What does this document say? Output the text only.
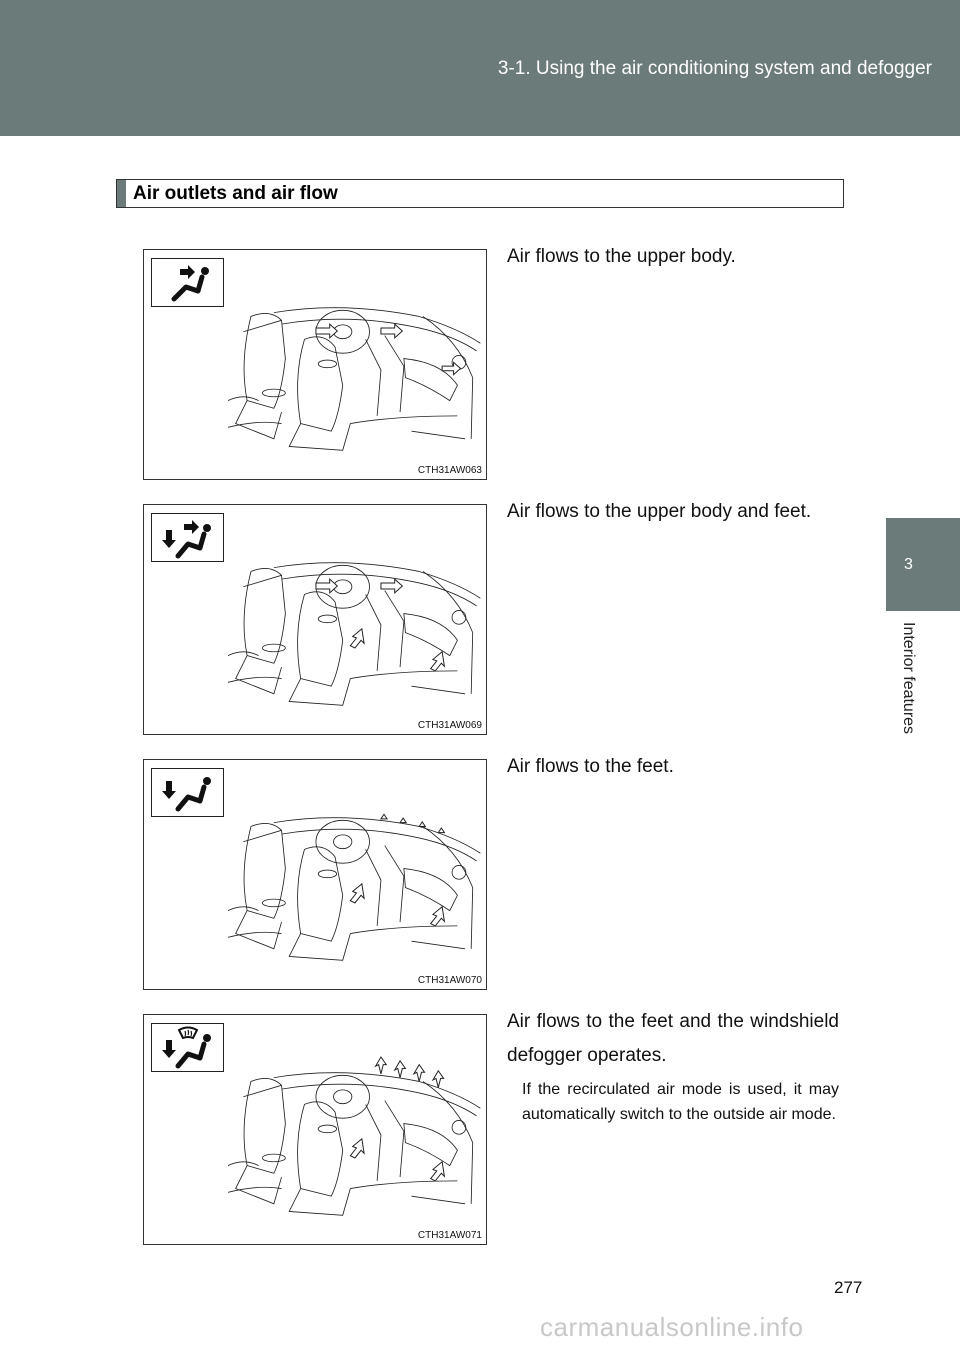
3-1. Using the air conditioning system and defogger
3
Interior features
Air outlets and air flow
CTH31AW063
Air flows to the upper body.
CTH31AW069
Air flows to the upper body and feet.
CTH31AW070
Air flows to the feet.
CTH31AW071
Air flows to the feet and the windshield defogger operates.
If the recirculated air mode is used, it may automatically switch to the outside air mode.
277
carmanualsonline.info
